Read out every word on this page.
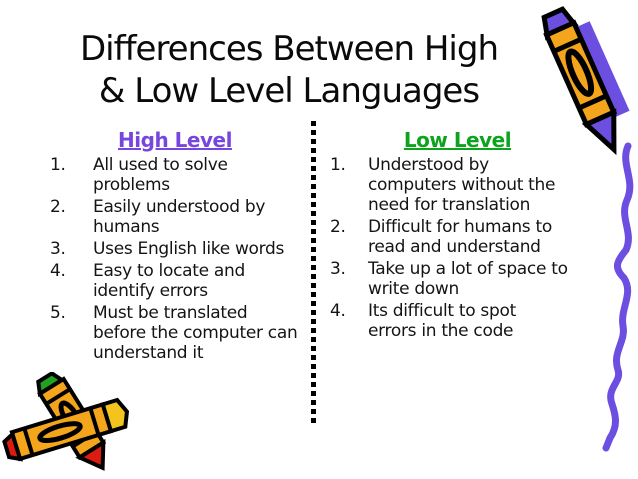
Differences Between High
& Low Level Languages
High Level
1.	All used to solve
problems
2.	Easily understood by
humans
3.	Uses English like words
4.	Easy to locate and
identify errors
5.	Must be translated
before the computer can
understand it
Low Level
1.	Understood by
computers without the
need for translation
2.	Difficult for humans to
read and understand
3.	Take up a lot of space to
write down
4.	Its difficult to spot
errors in the code
